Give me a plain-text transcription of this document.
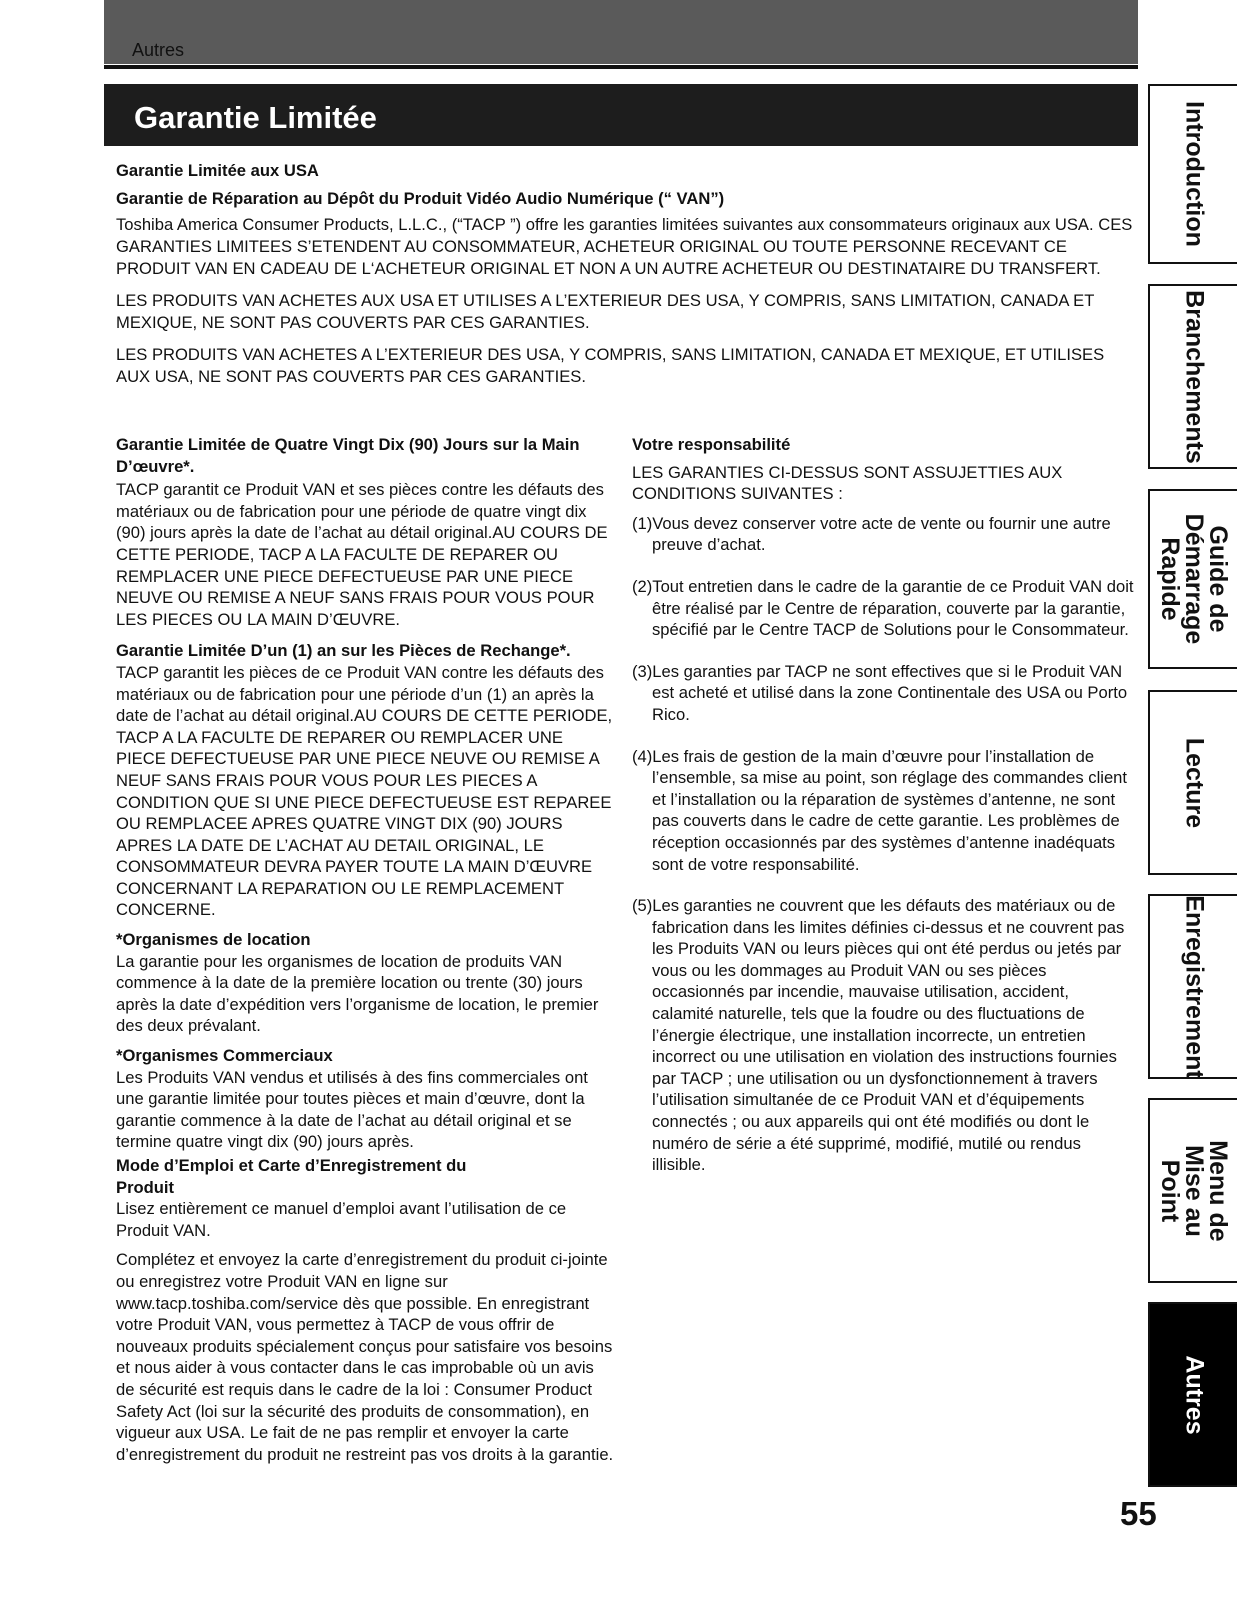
Autres
Garantie Limitée

Garantie Limitée aux USA

Garantie de Réparation au Dépôt du Produit Vidéo Audio Numérique (“ VAN”)

Toshiba America Consumer Products, L.L.C., (“TACP ”) offre les garanties limitées suivantes aux consommateurs originaux aux USA. CES GARANTIES LIMITEES S’ETENDENT AU CONSOMMATEUR, ACHETEUR ORIGINAL OU TOUTE PERSONNE RECEVANT CE PRODUIT VAN EN CADEAU DE L‘ACHETEUR ORIGINAL ET NON A UN AUTRE ACHETEUR OU DESTINATAIRE DU TRANSFERT.

LES PRODUITS VAN ACHETES AUX USA ET UTILISES A L’EXTERIEUR DES USA, Y COMPRIS, SANS LIMITATION, CANADA ET MEXIQUE, NE SONT PAS COUVERTS PAR CES GARANTIES.

LES PRODUITS VAN ACHETES A L’EXTERIEUR DES USA, Y COMPRIS, SANS LIMITATION, CANADA ET MEXIQUE, ET UTILISES AUX USA, NE SONT PAS COUVERTS PAR CES GARANTIES.

Garantie Limitée de Quatre Vingt Dix (90) Jours sur la Main D’œuvre*.

TACP garantit ce Produit VAN et ses pièces contre les défauts des matériaux ou de fabrication pour une période de quatre vingt dix (90) jours après la date de l’achat au détail original.AU COURS DE CETTE PERIODE, TACP A LA FACULTE DE REPARER OU REMPLACER UNE PIECE DEFECTUEUSE PAR UNE PIECE NEUVE OU REMISE A NEUF SANS FRAIS POUR VOUS POUR LES PIECES OU LA MAIN D’ŒUVRE.

Garantie Limitée D’un (1) an sur les Pièces de Rechange*.

TACP garantit les pièces de ce Produit VAN contre les défauts des matériaux ou de fabrication pour une période d’un (1) an après la date de l’achat au détail original.AU COURS DE CETTE PERIODE, TACP A LA FACULTE DE REPARER OU REMPLACER UNE PIECE DEFECTUEUSE PAR UNE PIECE NEUVE OU REMISE A NEUF SANS FRAIS POUR VOUS POUR LES PIECES A CONDITION QUE SI UNE PIECE DEFECTUEUSE EST REPAREE OU REMPLACEE APRES QUATRE VINGT DIX (90) JOURS APRES LA DATE DE L’ACHAT AU DETAIL ORIGINAL, LE CONSOMMATEUR DEVRA PAYER TOUTE LA MAIN D’ŒUVRE CONCERNANT LA REPARATION OU LE REMPLACEMENT CONCERNE.

*Organismes de location

La garantie pour les organismes de location de produits VAN commence à la date de la première location ou trente (30) jours après la date d’expédition vers l’organisme de location, le premier des deux prévalant.

*Organismes Commerciaux

Les Produits VAN vendus et utilisés à des fins commerciales ont une garantie limitée pour toutes pièces et main d’œuvre, dont la garantie commence à la date de l’achat au détail original et se termine quatre vingt dix (90) jours après.

Mode d’Emploi et Carte d’Enregistrement du Produit

Lisez entièrement ce manuel d’emploi avant l’utilisation de ce Produit VAN.

Complétez et envoyez la carte d’enregistrement du produit ci-jointe ou enregistrez votre Produit VAN en ligne sur www.tacp.toshiba.com/service dès que possible. En enregistrant votre Produit VAN, vous permettez à TACP de vous offrir de nouveaux produits spécialement conçus pour satisfaire vos besoins et nous aider à vous contacter dans le cas improbable où un avis de sécurité est requis dans le cadre de la loi : Consumer Product Safety Act (loi sur la sécurité des produits de consommation), en vigueur aux USA. Le fait de ne pas remplir et envoyer la carte d’enregistrement du produit ne restreint pas vos droits à la garantie.

Votre responsabilité

LES GARANTIES CI-DESSUS SONT ASSUJETTIES AUX CONDITIONS SUIVANTES :

(1)Vous devez conserver votre acte de vente ou fournir une autre preuve d’achat.

(2)Tout entretien dans le cadre de la garantie de ce Produit VAN doit être réalisé par le Centre de réparation, couverte par la garantie, spécifié par le Centre TACP de Solutions pour le Consommateur.

(3)Les garanties par TACP ne sont effectives que si le Produit VAN est acheté et utilisé dans la zone Continentale des USA ou Porto Rico.

(4)Les frais de gestion de la main d’œuvre pour l’installation de l’ensemble, sa mise au point, son réglage des commandes client et l’installation ou la réparation de systèmes d’antenne, ne sont pas couverts dans le cadre de cette garantie. Les problèmes de réception occasionnés par des systèmes d’antenne inadéquats sont de votre responsabilité.

(5)Les garanties ne couvrent que les défauts des matériaux ou de fabrication dans les limites définies ci-dessus et ne couvrent pas les Produits VAN ou leurs pièces qui ont été perdus ou jetés par vous ou les dommages au Produit VAN ou ses pièces occasionnés par incendie, mauvaise utilisation, accident, calamité naturelle, tels que la foudre ou des fluctuations de l’énergie électrique, une installation incorrecte, un entretien incorrect ou une utilisation en violation des instructions fournies par TACP ; une utilisation ou un dysfonctionnement à travers l’utilisation simultanée de ce Produit VAN et d’équipements connectés ; ou aux appareils qui ont été modifiés ou dont le numéro de série a été supprimé, modifié, mutilé ou rendus illisible.

Introduction
Branchements
Guide de Démarrage Rapide
Lecture
Enregistrement
Menu de Mise au Point
Autres
55
